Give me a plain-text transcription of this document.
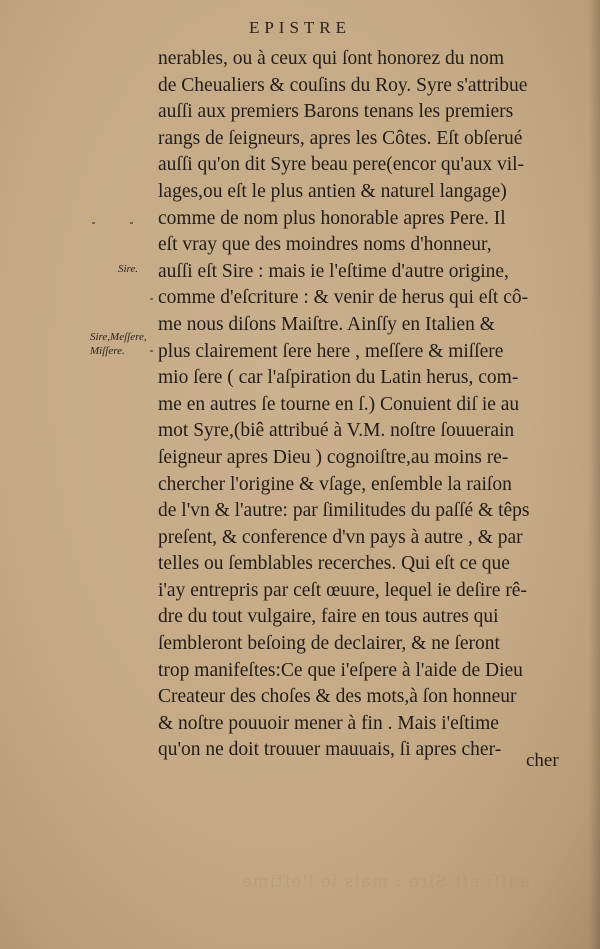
auſſi eſt Sire : mais ie l'eſtime
EPISTRE
nerables, ou à ceux qui ſont honorez du nom
de Cheualiers & couſins du Roy. Syre s'attribue
auſſi aux premiers Barons tenans les premiers
rangs de ſeigneurs, apres les Côtes. Eſt obſerué
auſſi qu'on dit Syre beau pere(encor qu'aux vil-
lages,ou eſt le plus antien & naturel langage)
comme de nom plus honorable apres Pere. Il
eſt vray que des moindres noms d'honneur,
auſſi eſt Sire : mais ie l'eſtime d'autre origine,
comme d'eſcriture : & venir de herus qui eſt cô-
me nous diſons Maiſtre. Ainſſy en Italien &
plus clairement ſere here , meſſere & miſſere
mio ſere ( car l'aſpiration du Latin herus, com-
me en autres ſe tourne en ſ.) Conuient diſ ie au
mot Syre,(biê attribué à V.M. noſtre ſouuerain
ſeigneur apres Dieu ) cognoiſtre,au moins re-
chercher l'origine & vſage, enſemble la raiſon
de l'vn & l'autre: par ſimilitudes du paſſé & têps
preſent, & conference d'vn pays à autre , & par
telles ou ſemblables recerches. Qui eſt ce que
i'ay entrepris par ceſt œuure, lequel ie deſire rê-
dre du tout vulgaire, faire en tous autres qui
ſembleront beſoing de declairer, & ne ſeront
trop manifeſtes:Ce que i'eſpere à l'aide de Dieu
Createur des choſes & des mots,à ſon honneur
& noſtre pouuoir mener à fin . Mais i'eſtime
qu'on ne doit trouuer mauuais, ſi apres cher-
cher
Sire.
Sire,Meſſere,
Miſſere.
